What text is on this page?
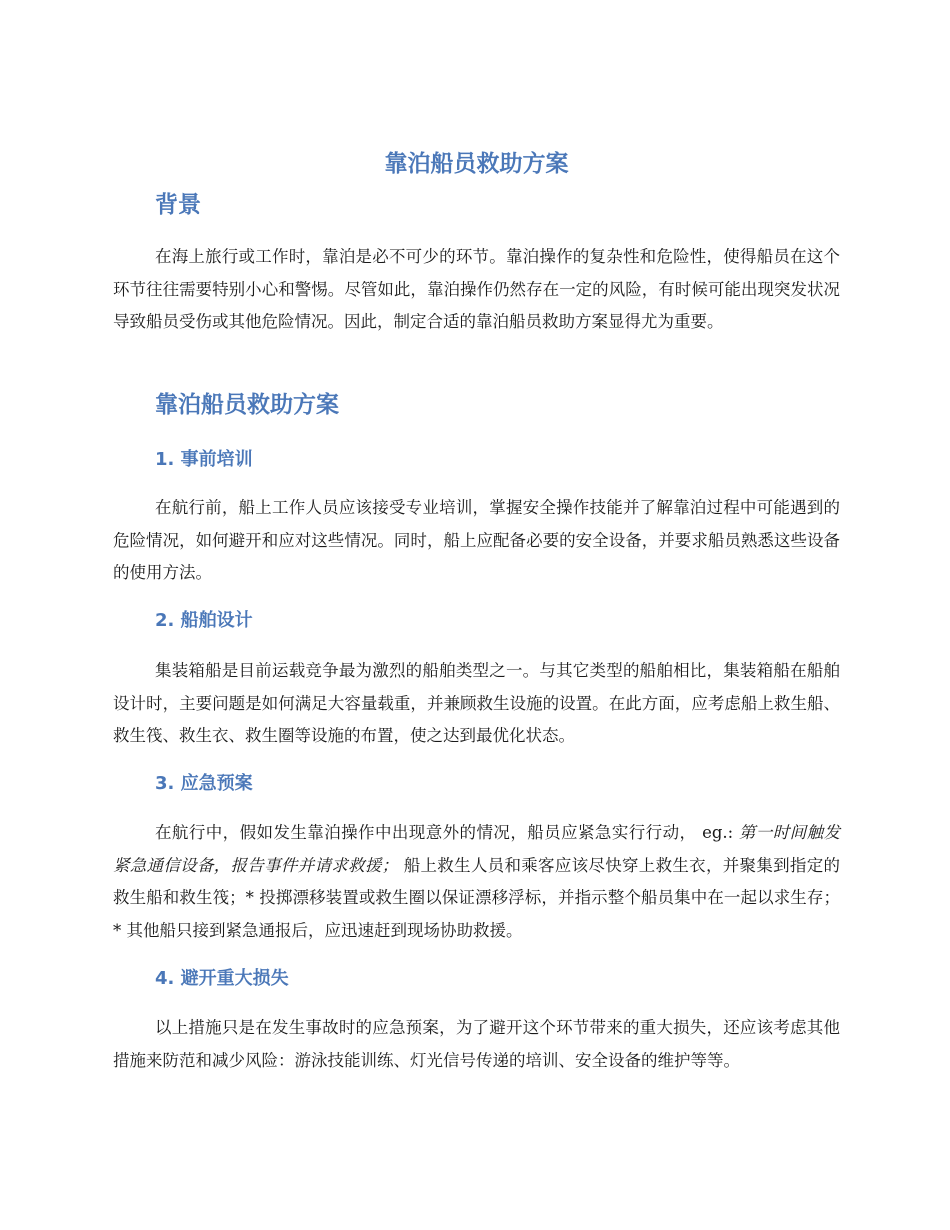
靠泊船员救助方案
背景

在海上旅行或工作时，靠泊是必不可少的环节。靠泊操作的复杂性和危险性，使得船员在这个环节往往需要特别小心和警惕。尽管如此，靠泊操作仍然存在一定的风险，有时候可能出现突发状况导致船员受伤或其他危险情况。因此，制定合适的靠泊船员救助方案显得尤为重要。

靠泊船员救助方案
1. 事前培训

在航行前，船上工作人员应该接受专业培训，掌握安全操作技能并了解靠泊过程中可能遇到的危险情况，如何避开和应对这些情况。同时，船上应配备必要的安全设备，并要求船员熟悉这些设备的使用方法。

2. 船舶设计

集装箱船是目前运载竞争最为激烈的船舶类型之一。与其它类型的船舶相比，集装箱船在船舶设计时，主要问题是如何满足大容量载重，并兼顾救生设施的设置。在此方面，应考虑船上救生船、救生筏、救生衣、救生圈等设施的布置，使之达到最优化状态。

3. 应急预案

在航行中，假如发生靠泊操作中出现意外的情况，船员应紧急实行行动， eg.: 第一时间触发紧急通信设备，报告事件并请求救援； 船上救生人员和乘客应该尽快穿上救生衣，并聚集到指定的救生船和救生筏；* 投掷漂移装置或救生圈以保证漂移浮标，并指示整个船员集中在一起以求生存； * 其他船只接到紧急通报后，应迅速赶到现场协助救援。

4. 避开重大损失

以上措施只是在发生事故时的应急预案，为了避开这个环节带来的重大损失，还应该考虑其他措施来防范和减少风险：游泳技能训练、灯光信号传递的培训、安全设备的维护等等。
